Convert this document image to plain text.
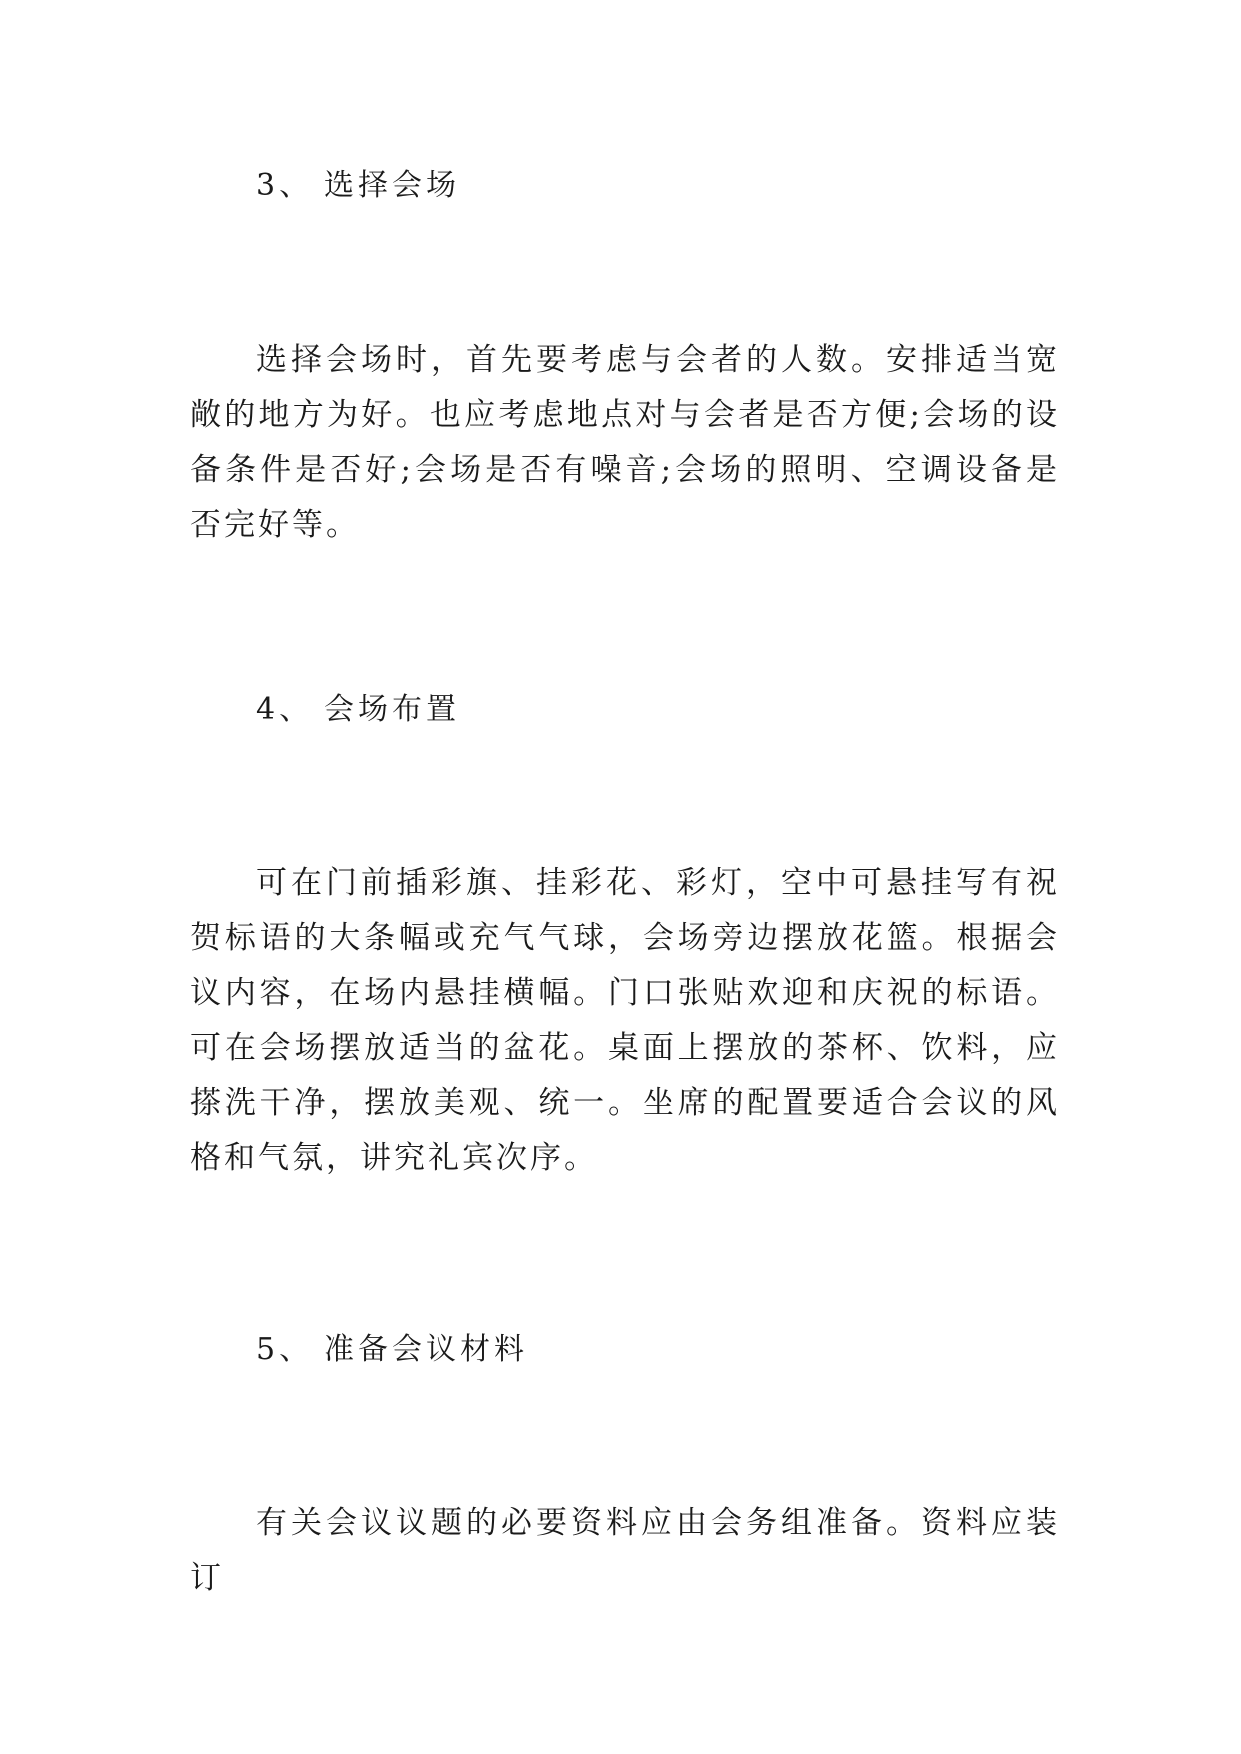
3、 选择会场

选择会场时，首先要考虑与会者的人数。安排适当宽敞的地方为好。也应考虑地点对与会者是否方便;会场的设备条件是否好;会场是否有噪音;会场的照明、空调设备是否完好等。

4、 会场布置

可在门前插彩旗、挂彩花、彩灯，空中可悬挂写有祝贺标语的大条幅或充气气球，会场旁边摆放花篮。根据会议内容，在场内悬挂横幅。门口张贴欢迎和庆祝的标语。可在会场摆放适当的盆花。桌面上摆放的茶杯、饮料，应搽洗干净，摆放美观、统一。坐席的配置要适合会议的风格和气氛，讲究礼宾次序。

5、 准备会议材料

有关会议议题的必要资料应由会务组准备。资料应装订
